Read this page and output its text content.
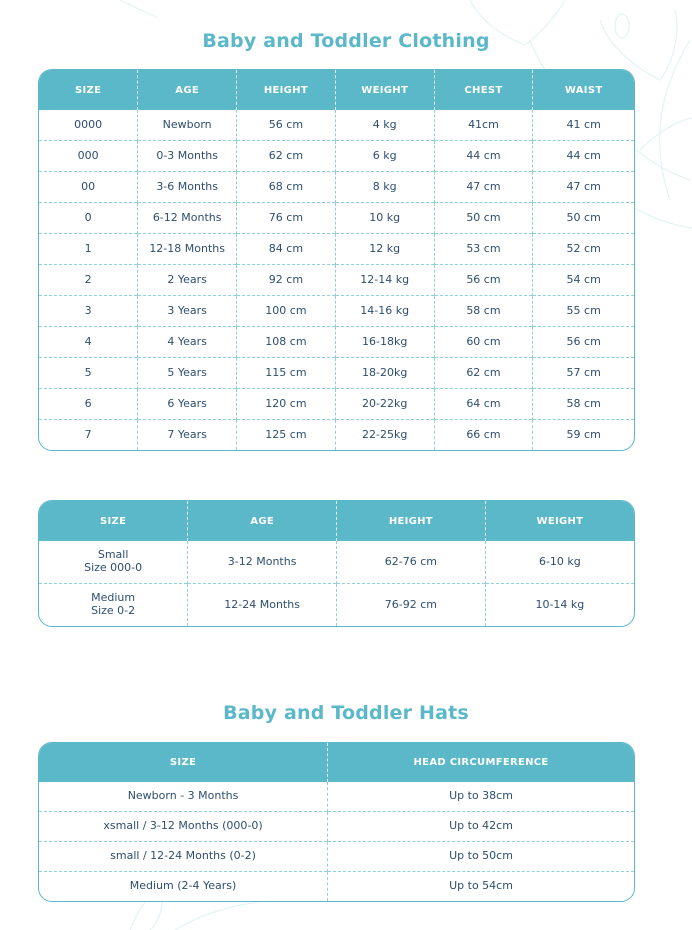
Baby and Toddler Clothing
SIZE	AGE	HEIGHT	WEIGHT	CHEST	WAIST
0000	Newborn	56 cm	4 kg	41cm	41 cm
000	0-3 Months	62 cm	6 kg	44 cm	44 cm
00	3-6 Months	68 cm	8 kg	47 cm	47 cm
0	6-12 Months	76 cm	10 kg	50 cm	50 cm
1	12-18 Months	84 cm	12 kg	53 cm	52 cm
2	2 Years	92 cm	12-14 kg	56 cm	54 cm
3	3 Years	100 cm	14-16 kg	58 cm	55 cm
4	4 Years	108 cm	16-18kg	60 cm	56 cm
5	5 Years	115 cm	18-20kg	62 cm	57 cm
6	6 Years	120 cm	20-22kg	64 cm	58 cm
7	7 Years	125 cm	22-25kg	66 cm	59 cm
SIZE	AGE	HEIGHT	WEIGHT

Small
Size 000-0	3-12 Months	62-76 cm	6-10 kg

Medium
Size 0-2	12-24 Months	76-92 cm	10-14 kg
Baby and Toddler Hats
SIZE	HEAD CIRCUMFERENCE
Newborn - 3 Months	Up to 38cm
xsmall / 3-12 Months (000-0)	Up to 42cm
small / 12-24 Months (0-2)	Up to 50cm
Medium (2-4 Years)	Up to 54cm
